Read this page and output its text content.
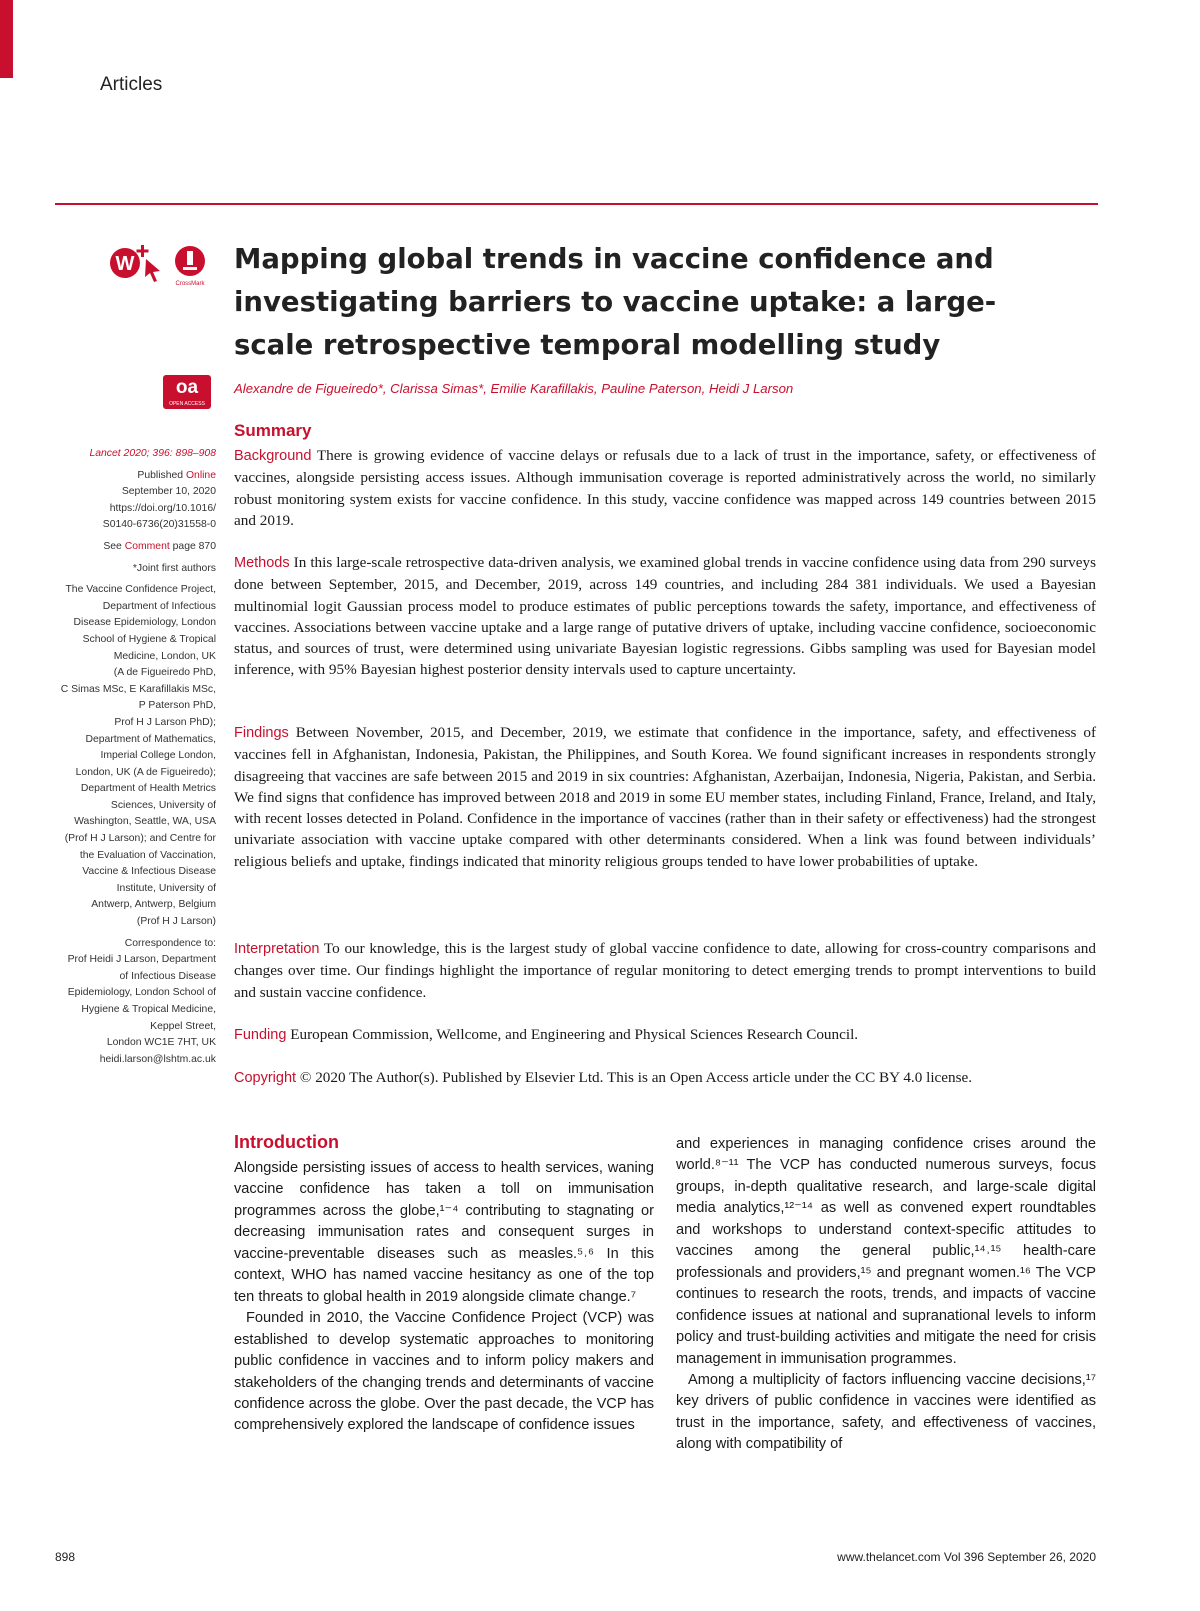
Articles
W
CrossMark
oa
OPEN ACCESS
Mapping global trends in vaccine confidence and investigating barriers to vaccine uptake: a large-scale retrospective temporal modelling study
Alexandre de Figueiredo*, Clarissa Simas*, Emilie Karafillakis, Pauline Paterson, Heidi J Larson
Lancet 2020; 396: 898–908
Published Online
September 10, 2020
https://doi.org/10.1016/
S0140-6736(20)31558-0
See Comment page 870
*Joint first authors
The Vaccine Confidence Project,
Department of Infectious
Disease Epidemiology, London
School of Hygiene & Tropical
Medicine, London, UK
(A de Figueiredo PhD,
C Simas MSc, E Karafillakis MSc,
P Paterson PhD,
Prof H J Larson PhD);
Department of Mathematics,
Imperial College London,
London, UK (A de Figueiredo);
Department of Health Metrics
Sciences, University of
Washington, Seattle, WA, USA
(Prof H J Larson); and Centre for
the Evaluation of Vaccination,
Vaccine & Infectious Disease
Institute, University of
Antwerp, Antwerp, Belgium
(Prof H J Larson)
Correspondence to:
Prof Heidi J Larson, Department
of Infectious Disease
Epidemiology, London School of
Hygiene & Tropical Medicine,
Keppel Street,
London WC1E 7HT, UK
heidi.larson@lshtm.ac.uk
Summary

Background There is growing evidence of vaccine delays or refusals due to a lack of trust in the importance, safety, or effectiveness of vaccines, alongside persisting access issues. Although immunisation coverage is reported administratively across the world, no similarly robust monitoring system exists for vaccine confidence. In this study, vaccine confidence was mapped across 149 countries between 2015 and 2019.

Methods In this large-scale retrospective data-driven analysis, we examined global trends in vaccine confidence using data from 290 surveys done between September, 2015, and December, 2019, across 149 countries, and including 284 381 individuals. We used a Bayesian multinomial logit Gaussian process model to produce estimates of public perceptions towards the safety, importance, and effectiveness of vaccines. Associations between vaccine uptake and a large range of putative drivers of uptake, including vaccine confidence, socioeconomic status, and sources of trust, were determined using univariate Bayesian logistic regressions. Gibbs sampling was used for Bayesian model inference, with 95% Bayesian highest posterior density intervals used to capture uncertainty.

Findings Between November, 2015, and December, 2019, we estimate that confidence in the importance, safety, and effectiveness of vaccines fell in Afghanistan, Indonesia, Pakistan, the Philippines, and South Korea. We found significant increases in respondents strongly disagreeing that vaccines are safe between 2015 and 2019 in six countries: Afghanistan, Azerbaijan, Indonesia, Nigeria, Pakistan, and Serbia. We find signs that confidence has improved between 2018 and 2019 in some EU member states, including Finland, France, Ireland, and Italy, with recent losses detected in Poland. Confidence in the importance of vaccines (rather than in their safety or effectiveness) had the strongest univariate association with vaccine uptake compared with other determinants considered. When a link was found between individuals’ religious beliefs and uptake, findings indicated that minority religious groups tended to have lower probabilities of uptake.

Interpretation To our knowledge, this is the largest study of global vaccine confidence to date, allowing for cross-country comparisons and changes over time. Our findings highlight the importance of regular monitoring to detect emerging trends to prompt interventions to build and sustain vaccine confidence.

Funding European Commission, Wellcome, and Engineering and Physical Sciences Research Council.

Copyright © 2020 The Author(s). Published by Elsevier Ltd. This is an Open Access article under the CC BY 4.0 license.

Introduction

Alongside persisting issues of access to health services, waning vaccine confidence has taken a toll on immunisation programmes across the globe,¹⁻⁴ contributing to stagnating or decreasing immunisation rates and consequent surges in vaccine-preventable diseases such as measles.⁵˒⁶ In this context, WHO has named vaccine hesitancy as one of the top ten threats to global health in 2019 alongside climate change.⁷

Founded in 2010, the Vaccine Confidence Project (VCP) was established to develop systematic approaches to monitoring public confidence in vaccines and to inform policy makers and stakeholders of the changing trends and determinants of vaccine confidence across the globe. Over the past decade, the VCP has comprehensively explored the landscape of confidence issues

and experiences in managing confidence crises around the world.⁸⁻¹¹ The VCP has conducted numerous surveys, focus groups, in-depth qualitative research, and large-scale digital media analytics,¹²⁻¹⁴ as well as convened expert roundtables and workshops to understand context-specific attitudes to vaccines among the general public,¹⁴˒¹⁵ health-care professionals and providers,¹⁵ and pregnant women.¹⁶ The VCP continues to research the roots, trends, and impacts of vaccine confidence issues at national and supranational levels to inform policy and trust-building activities and mitigate the need for crisis management in immunisation programmes.

Among a multiplicity of factors influencing vaccine decisions,¹⁷ key drivers of public confidence in vaccines were identified as trust in the importance, safety, and effectiveness of vaccines, along with compatibility of

898	www.thelancet.com Vol 396 September 26, 2020
